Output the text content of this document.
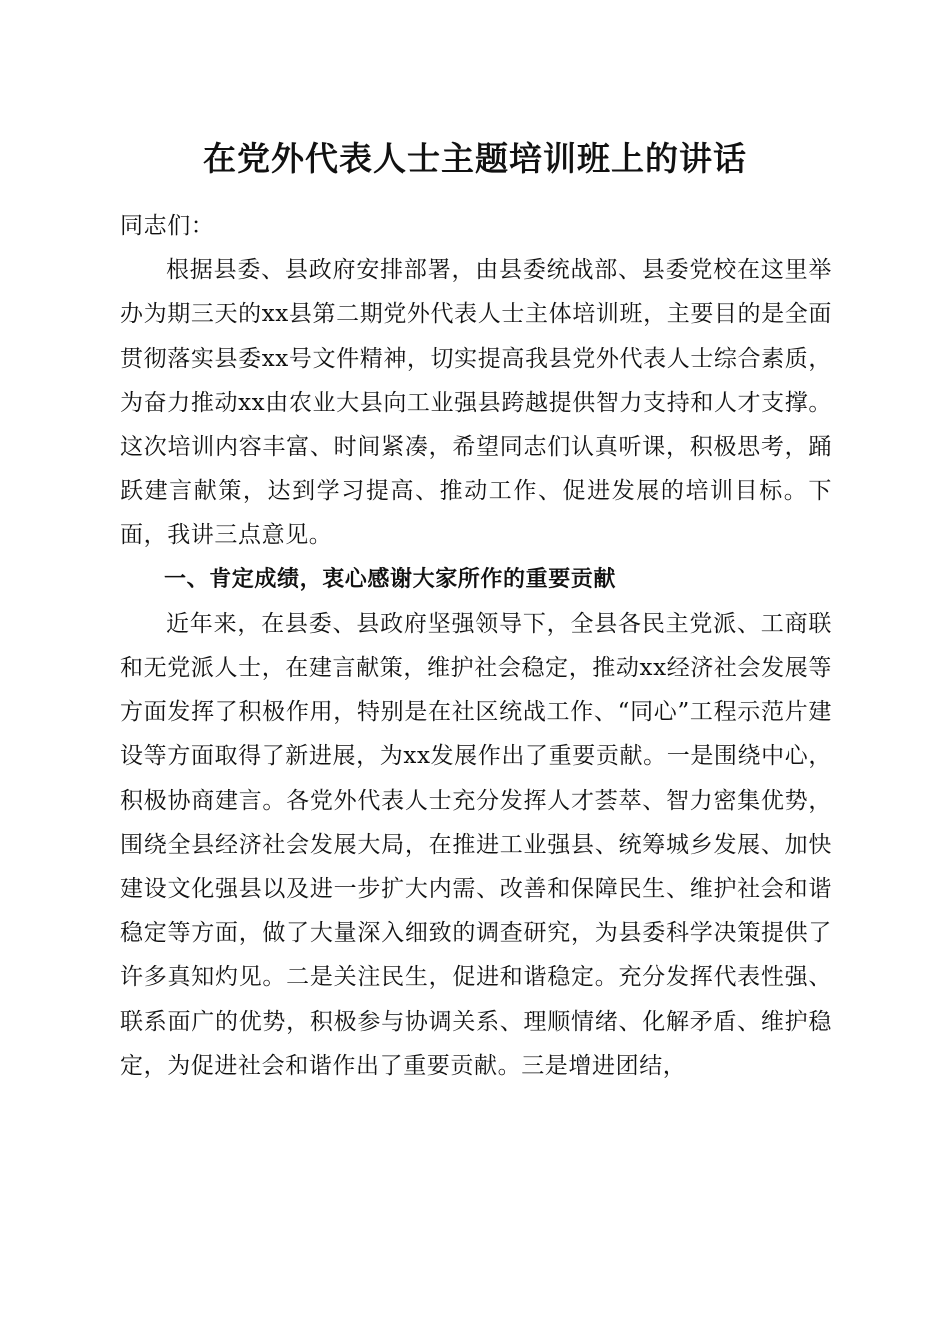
在党外代表人士主题培训班上的讲话

同志们：

根据县委、县政府安排部署，由县委统战部、县委党校在这里举办为期三天的xx县第二期党外代表人士主体培训班，主要目的是全面贯彻落实县委xx号文件精神，切实提高我县党外代表人士综合素质，为奋力推动xx由农业大县向工业强县跨越提供智力支持和人才支撑。这次培训内容丰富、时间紧凑，希望同志们认真听课，积极思考，踊跃建言献策，达到学习提高、推动工作、促进发展的培训目标。下面，我讲三点意见。

一、肯定成绩，衷心感谢大家所作的重要贡献

近年来，在县委、县政府坚强领导下，全县各民主党派、工商联和无党派人士，在建言献策，维护社会稳定，推动xx经济社会发展等方面发挥了积极作用，特别是在社区统战工作、“同心”工程示范片建设等方面取得了新进展，为xx发展作出了重要贡献。一是围绕中心，积极协商建言。各党外代表人士充分发挥人才荟萃、智力密集优势，围绕全县经济社会发展大局，在推进工业强县、统筹城乡发展、加快建设文化强县以及进一步扩大内需、改善和保障民生、维护社会和谐稳定等方面，做了大量深入细致的调查研究，为县委科学决策提供了许多真知灼见。二是关注民生，促进和谐稳定。充分发挥代表性强、联系面广的优势，积极参与协调关系、理顺情绪、化解矛盾、维护稳定，为促进社会和谐作出了重要贡献。三是增进团结，
